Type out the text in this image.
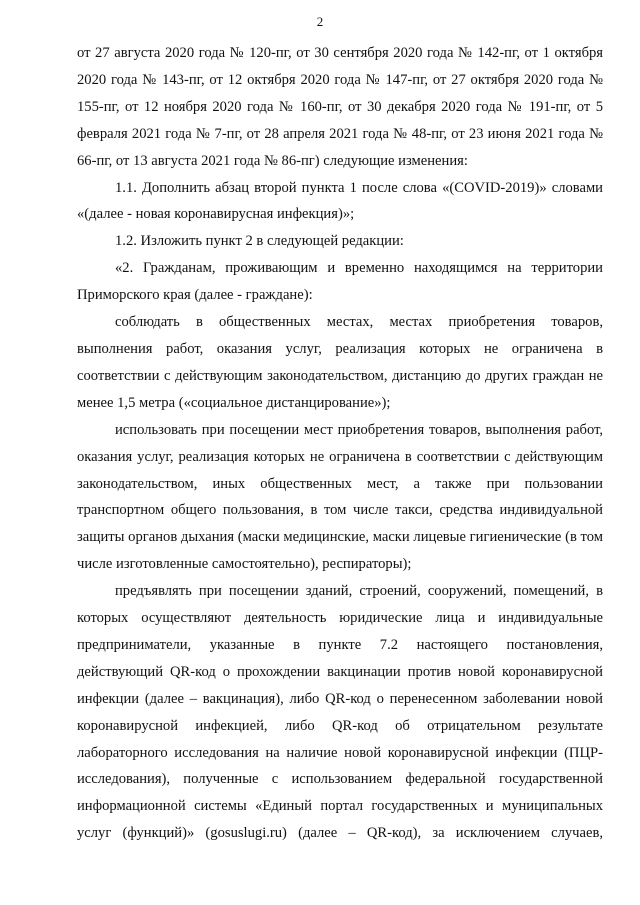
2

от 27 августа 2020 года № 120-пг, от 30 сентября 2020 года № 142-пг, от 1 октября 2020 года № 143-пг, от 12 октября 2020 года № 147-пг, от 27 октября 2020 года № 155-пг, от 12 ноября 2020 года № 160-пг, от 30 декабря 2020 года № 191-пг, от 5 февраля 2021 года № 7-пг, от 28 апреля 2021 года № 48-пг, от 23 июня 2021 года № 66-пг, от 13 августа 2021 года № 86-пг) следующие изменения:

1.1. Дополнить абзац второй пункта 1 после слова «(COVID-2019)» словами «(далее - новая коронавирусная инфекция)»;

1.2. Изложить пункт 2 в следующей редакции:

«2. Гражданам, проживающим и временно находящимся на территории Приморского края (далее - граждане):

соблюдать в общественных местах, местах приобретения товаров, выполнения работ, оказания услуг, реализация которых не ограничена в соответствии с действующим законодательством, дистанцию до других граждан не менее 1,5 метра («социальное дистанцирование»);

использовать при посещении мест приобретения товаров, выполнения работ, оказания услуг, реализация которых не ограничена в соответствии с действующим законодательством, иных общественных мест, а также при пользовании транспортном общего пользования, в том числе такси, средства индивидуальной защиты органов дыхания (маски медицинские, маски лицевые гигиенические (в том числе изготовленные самостоятельно), респираторы);

предъявлять при посещении зданий, строений, сооружений, помещений, в которых осуществляют деятельность юридические лица и индивидуальные предприниматели, указанные в пункте 7.2 настоящего постановления, действующий QR-код о прохождении вакцинации против новой коронавирусной инфекции (далее – вакцинация), либо QR-код о перенесенном заболевании новой коронавирусной инфекцией, либо QR-код об отрицательном результате лабораторного исследования на наличие новой коронавирусной инфекции (ПЦР-исследования), полученные с использованием федеральной государственной информационной системы «Единый портал государственных и муниципальных услуг (функций)» (gosuslugi.ru) (далее – QR-код), за исключением случаев,
